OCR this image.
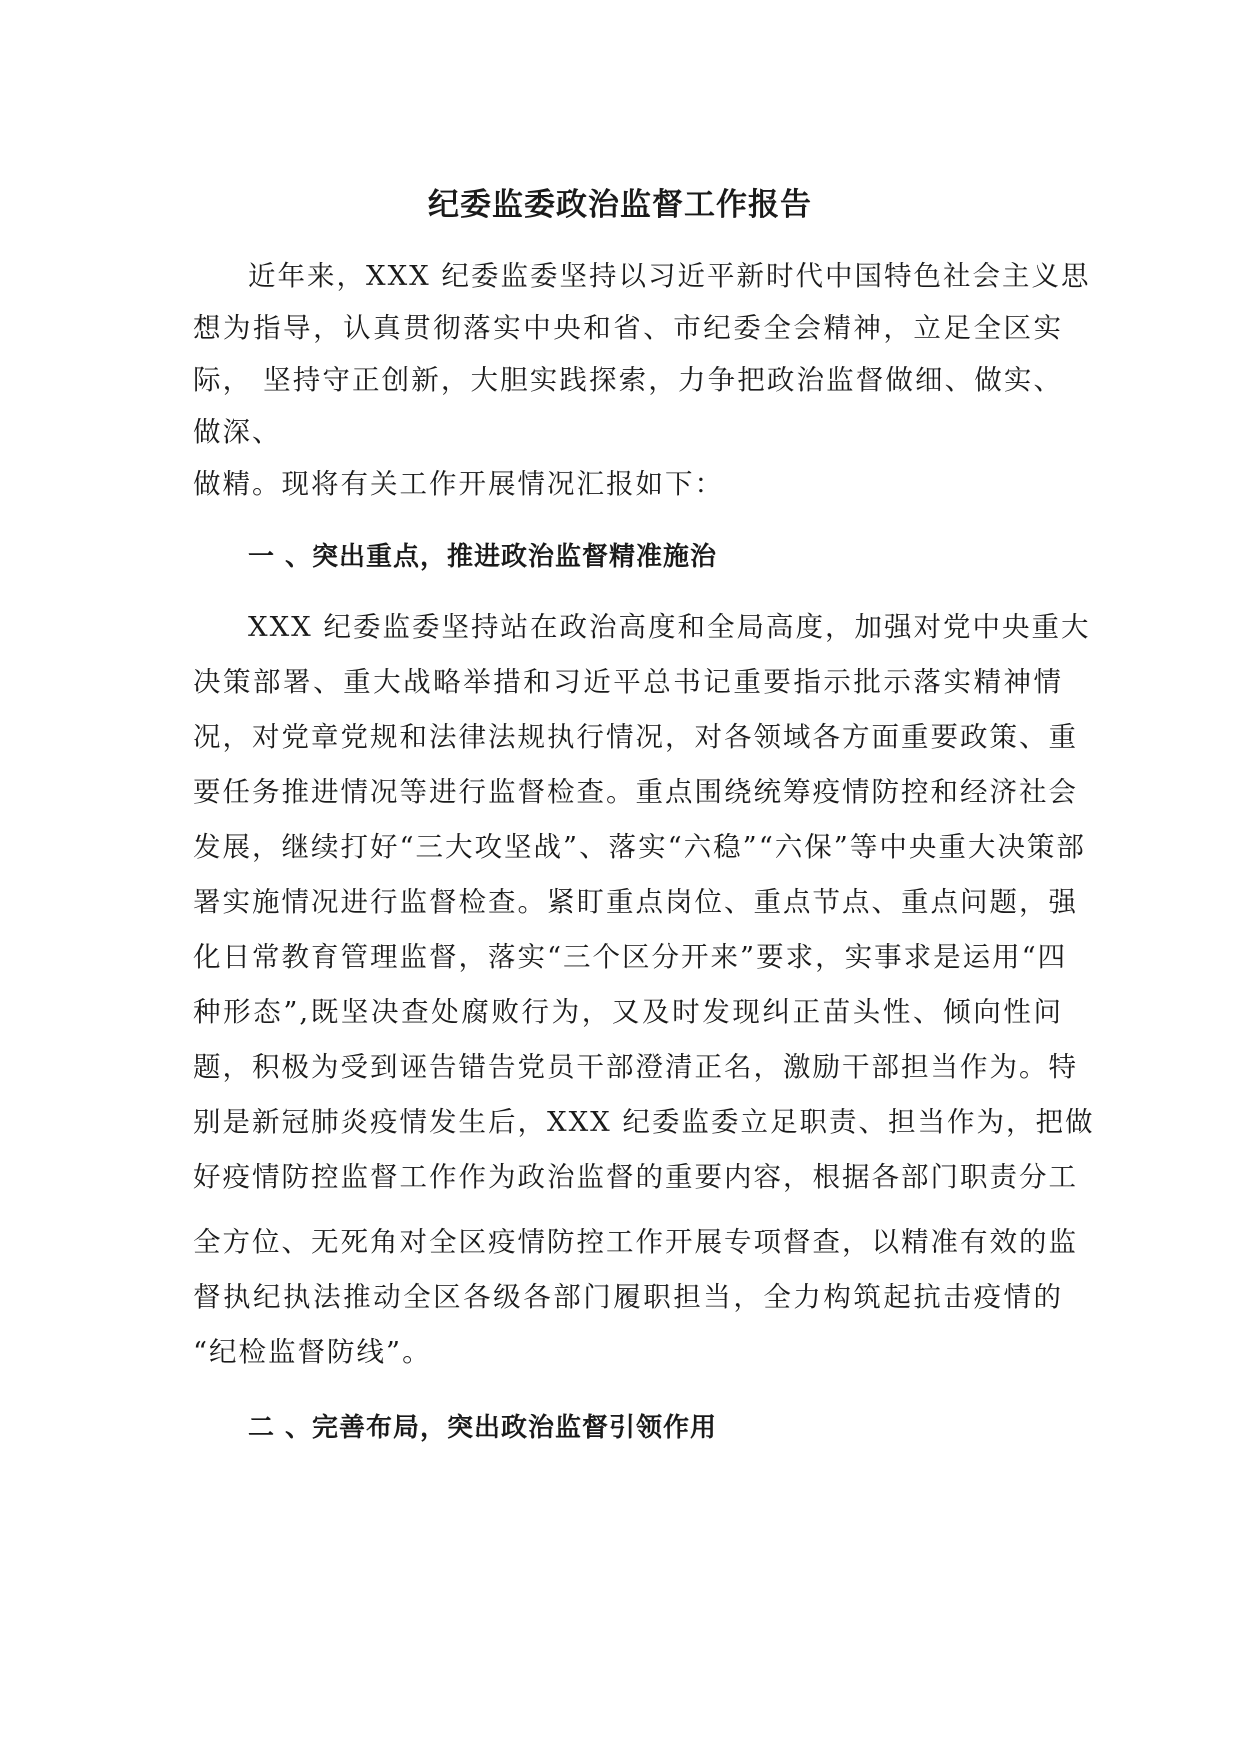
纪委监委政治监督工作报告
近年来，XXX 纪委监委坚持以习近平新时代中国特色社会主义思
想为指导，认真贯彻落实中央和省、市纪委全会精神，立足全区实
际， 坚持守正创新，大胆实践探索，力争把政治监督做细、做实、
做深、
做精。现将有关工作开展情况汇报如下：
一 、突出重点，推进政治监督精准施治
XXX 纪委监委坚持站在政治高度和全局高度，加强对党中央重大
决策部署、重大战略举措和习近平总书记重要指示批示落实精神情
况，对党章党规和法律法规执行情况，对各领域各方面重要政策、重
要任务推进情况等进行监督检查。重点围绕统筹疫情防控和经济社会
发展，继续打好“三大攻坚战”、落实“六稳”“六保”等中央重大决策部
署实施情况进行监督检查。紧盯重点岗位、重点节点、重点问题，强
化日常教育管理监督，落实“三个区分开来”要求，实事求是运用“四
种形态”,既坚决查处腐败行为，又及时发现纠正苗头性、倾向性问
题，积极为受到诬告错告党员干部澄清正名，激励干部担当作为。特
别是新冠肺炎疫情发生后，XXX 纪委监委立足职责、担当作为，把做
好疫情防控监督工作作为政治监督的重要内容，根据各部门职责分工
全方位、无死角对全区疫情防控工作开展专项督查，以精准有效的监
督执纪执法推动全区各级各部门履职担当，全力构筑起抗击疫情的
“纪检监督防线”。
二 、完善布局，突出政治监督引领作用
